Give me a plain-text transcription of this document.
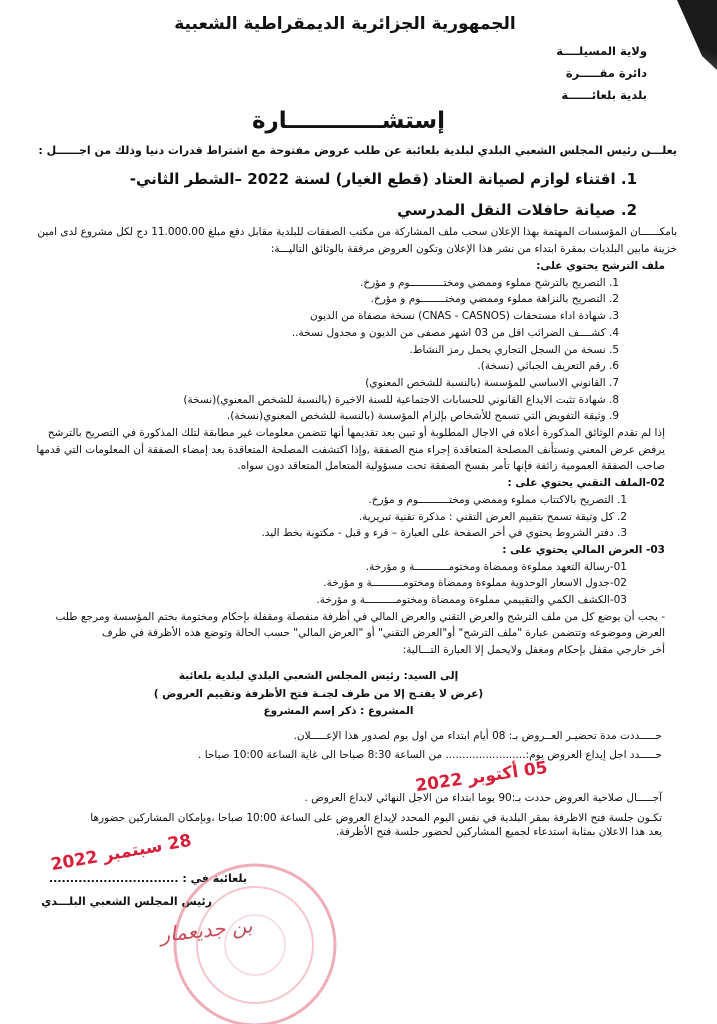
الجمهورية الجزائرية الديمقراطية الشعبية
ولاية المسيلــــة
دائرة مقـــــرة
بلدية بلعائــــــة
إستشــــــــــــارة
يعلـــن رئيس المجلس الشعبي البلدي لبلدية بلعائبة عن طلب عروض مفتوحة مع اشتراط قدرات دنيا وذلك من اجــــــل :
1. اقتناء لوازم لصيانة العتاد (قطع الغيار) لسنة 2022 –الشطر الثاني-
2. صيانة حافلات النقل المدرسي
بامكــــــان المؤسسات المهتمة بهذا الإعلان سحب ملف المشاركة من مكتب الصفقات للبلدية مقابل دفع مبلغ 11.000.00 دج لكل مشروع لدى امين
خزينة مابين البلديات بمقرة ابتداء من نشر هذا الإعلان وتكون العروض مرفقة بالوثائق التاليـــة:
ملف الترشح يحتوي على:
1. التصريح بالترشح مملوء وممضي ومختـــــــــــوم و مؤرخ.
2. التصريح بالنزاهة مملوء وممضي ومختــــــــوم و مؤرخ.
3. شهادة اداء مستحقات (CNAS - CASNOS) نسخة مصفاة من الديون
4. كشــــف الضرائب اقل من 03 اشهر مصفى من الديون و مجدول نسخة..
5. نسخة من السجل التجاري يحمل رمز النشاط.
6. رقم التعريف الجبائي (نسخة).
7. القانوني الاساسي للمؤسسة (بالنسبة للشخص المعنوي)
8. شهادة تثبت الايداع القانوني للحسابات الاجتماعية للسنة الاخيرة (بالنسبة للشخص المعنوي)(نسخة)
9. وثيقة التفويض التي تسمح للأشخاص بإلزام المؤسسة (بالنسبة للشخص المعنوي(نسخة).
إذا لم تقدم الوثائق المذكورة أعلاه في الاجال المطلوبة أو تبين بعد تقديمها أنها تتضمن معلومات غير مطابقة لتلك المذكورة في التصريح بالترشح
يرفض عرض المعني وتستأنف المصلحة المتعاقدة إجراء منح الصفقة ,وإذا اكتشفت المصلحة المتعاقدة بعد إمضاء الصفقة أن المعلومات التي قدمها
صاحب الصفقة العمومية زائفة فإنها تأمر بفسخ الصفقة تحت مسؤولية المتعامل المتعاقد دون سواه.
02-الملف التقني يحتوي على :
1. التصريح بالاكتتاب مملوء وممضي ومختــــــــــوم و مؤرخ.
2. كل وثيقة تسمح بتقييم العرض التقني : مذكرة تقنية تبريرية.
3. دفتر الشروط يحتوي في أخر الصفحة على العبارة – قرء و قبل - مكتوبة بخط اليد.
03- العرض المالي يحتوي على :
01-رسالة التعهد مملوءة وممضاة ومختومـــــــــــة و مؤرخة.
02-جدول الاسعار الوحدوية مملوءة وممضاة ومختومــــــــــة و مؤرخة.
03-الكشف الكمي والتقييمي مملوءة وممضاة ومختومــــــــــة و مؤرخة.
- يجب أن يوضع كل من ملف الترشح والعرض التقني والعرض المالي في أظرفة منفصلة ومقفلة بإحكام ومختومة بختم المؤسسة ومرجع طلب
العرض وموضوعه وتتضمن عبارة "ملف الترشح" أو"العرض التقني" أو "العرض المالي" حسب الحالة وتوضع هذه الأظرفة في ظرف
أخر خارجي مقفل بإحكام ومغفل ولايحمل إلا العبارة التـــالية:
إلى السيد: رئيس المجلس الشعبي البلدي لبلدية بلعائبة
(عرض لا يفتـح إلا من طرف لجنـة فتح الأظرفة وتقييم العروض )
المشروع : ذكر إسم المشروع
حـــــددت مدة تحضيـر العــروض بـ: 08 أيام ابتداء من اول يوم لصدور هذا الإعـــــلان.
حـــــدد اجل إيداع العروض يوم:........................ من الساعة 8:30 صباحا الى غاية الساعة 10:00 صباحا .
آجـــــال صلاحية العروض حددت بـ:90 يوما ابتداء من الاجل النهائي لايداع العروض .
تكـون جلسة فتح الاظرفة بمقر البلدية في نفس اليوم المحدد لإيداع العروض على الساعة 10:00 صباحا ،وبإمكان المشاركين حضورها
يعد هذا الاعلان بمثابة استدعاء لجميع المشاركين لحضور جلسة فتح الأظرفة.
05 أكتوبر 2022
28 سبتمبر 2022
بلعائبة في : ...............................
رئيس المجلس الشعبي البلـــدي
بن جديعمار
